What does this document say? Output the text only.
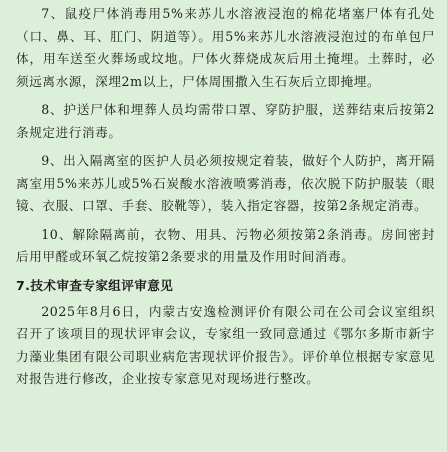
7、鼠疫尸体消毒用5%来苏儿水溶液浸泡的棉花堵塞尸体有孔处（口、鼻、耳、肛门、阴道等）。用5%来苏儿水溶液浸泡过的布单包尸体，用车送至火葬场或坟地。尸体火葬烧成灰后用土掩埋。土葬时，必须远离水源，深埋2m以上，尸体周围撒入生石灰后立即掩埋。

8、护送尸体和埋葬人员均需带口罩、穿防护服，送葬结束后按第2条规定进行消毒。

9、出入隔离室的医护人员必须按规定着装，做好个人防护，离开隔离室用5%来苏儿或5%石炭酸水溶液喷雾消毒，依次脱下防护服装（眼镜、衣服、口罩、手套、胶靴等），装入指定容器，按第2条规定消毒。

10、解除隔离前，衣物、用具、污物必须按第2条消毒。房间密封后用甲醛或环氧乙烷按第2条要求的用量及作用时间消毒。

7.技术审查专家组评审意见

2025年8月6日，内蒙古安逸检测评价有限公司在公司会议室组织召开了该项目的现状评审会议，专家组一致同意通过《鄂尔多斯市新宇力藻业集团有限公司职业病危害现状评价报告》。评价单位根据专家意见对报告进行修改，企业按专家意见对现场进行整改。
